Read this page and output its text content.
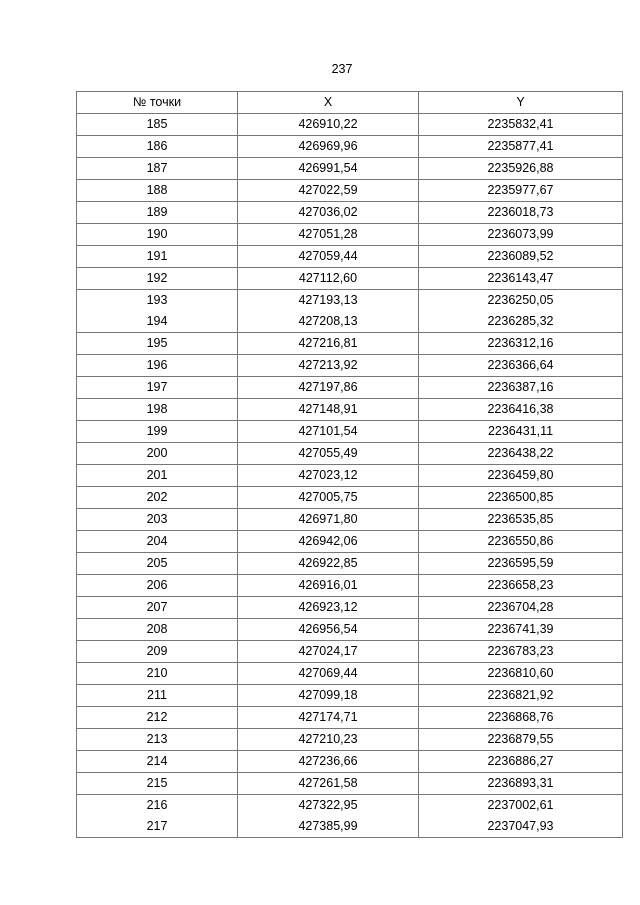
237
№ точки	X	Y
185	426910,22	2235832,41
186	426969,96	2235877,41
187	426991,54	2235926,88
188	427022,59	2235977,67
189	427036,02	2236018,73
190	427051,28	2236073,99
191	427059,44	2236089,52
192	427112,60	2236143,47
193	427193,13	2236250,05
194	427208,13	2236285,32
195	427216,81	2236312,16
196	427213,92	2236366,64
197	427197,86	2236387,16
198	427148,91	2236416,38
199	427101,54	2236431,11
200	427055,49	2236438,22
201	427023,12	2236459,80
202	427005,75	2236500,85
203	426971,80	2236535,85
204	426942,06	2236550,86
205	426922,85	2236595,59
206	426916,01	2236658,23
207	426923,12	2236704,28
208	426956,54	2236741,39
209	427024,17	2236783,23
210	427069,44	2236810,60
211	427099,18	2236821,92
212	427174,71	2236868,76
213	427210,23	2236879,55
214	427236,66	2236886,27
215	427261,58	2236893,31
216	427322,95	2237002,61
217	427385,99	2237047,93
